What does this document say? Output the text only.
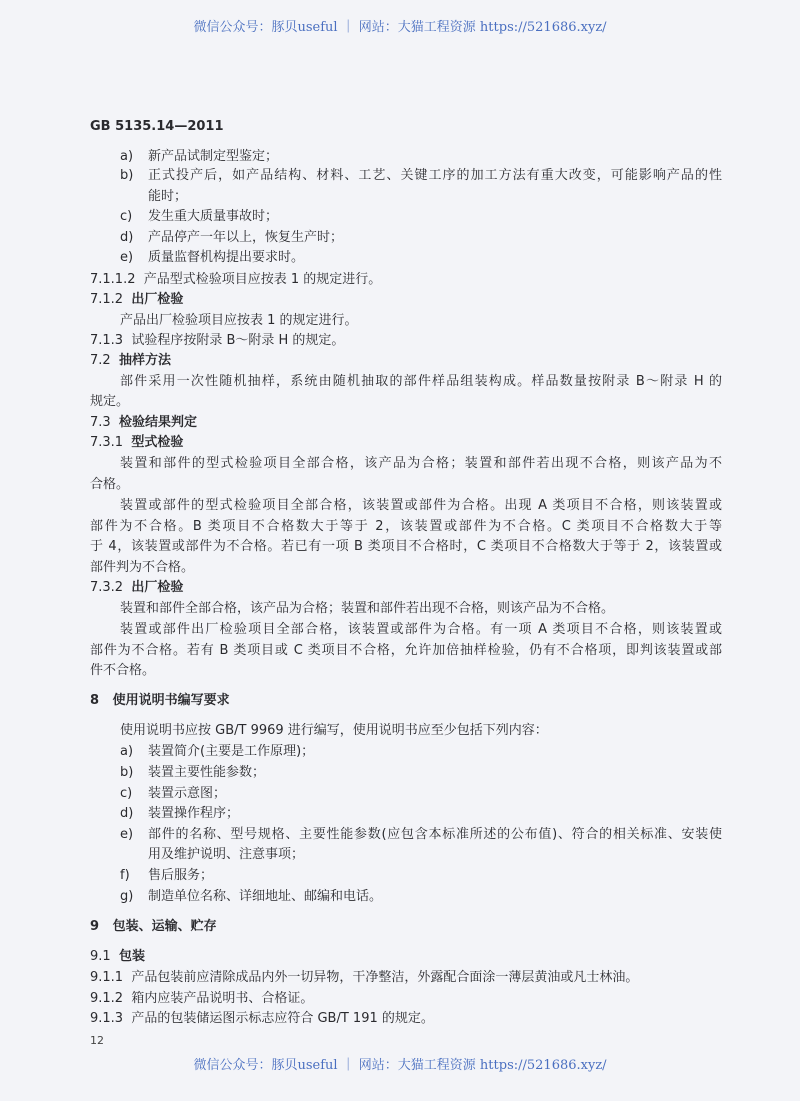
微信公众号：豚贝useful ｜ 网站：大猫工程资源 https://521686.xyz/
GB 5135.14—2011
a) 新产品试制定型鉴定；
b) 正式投产后，如产品结构、材料、工艺、关键工序的加工方法有重大改变，可能影响产品的性
能时；
c) 发生重大质量事故时；
d) 产品停产一年以上，恢复生产时；
e) 质量监督机构提出要求时。
7.1.1.2 产品型式检验项目应按表 1 的规定进行。
7.1.2 出厂检验
产品出厂检验项目应按表 1 的规定进行。
7.1.3 试验程序按附录 B～附录 H 的规定。
7.2 抽样方法
部件采用一次性随机抽样，系统由随机抽取的部件样品组装构成。样品数量按附录 B～附录 H 的
规定。
7.3 检验结果判定
7.3.1 型式检验
装置和部件的型式检验项目全部合格，该产品为合格；装置和部件若出现不合格，则该产品为不
合格。
装置或部件的型式检验项目全部合格，该装置或部件为合格。出现 A 类项目不合格，则该装置或
部件为不合格。B 类项目不合格数大于等于 2，该装置或部件为不合格。C 类项目不合格数大于等
于 4，该装置或部件为不合格。若已有一项 B 类项目不合格时，C 类项目不合格数大于等于 2，该装置或
部件判为不合格。
7.3.2 出厂检验
装置和部件全部合格，该产品为合格；装置和部件若出现不合格，则该产品为不合格。
装置或部件出厂检验项目全部合格，该装置或部件为合格。有一项 A 类项目不合格，则该装置或
部件为不合格。若有 B 类项目或 C 类项目不合格，允许加倍抽样检验，仍有不合格项，即判该装置或部
件不合格。
8 使用说明书编写要求
使用说明书应按 GB/T 9969 进行编写，使用说明书应至少包括下列内容：
a) 装置简介(主要是工作原理)；
b) 装置主要性能参数；
c) 装置示意图；
d) 装置操作程序；
e) 部件的名称、型号规格、主要性能参数(应包含本标准所述的公布值)、符合的相关标准、安装使
用及维护说明、注意事项；
f) 售后服务；
g) 制造单位名称、详细地址、邮编和电话。
9 包装、运输、贮存
9.1 包装
9.1.1 产品包装前应清除成品内外一切异物，干净整洁，外露配合面涂一薄层黄油或凡士林油。
9.1.2 箱内应装产品说明书、合格证。
9.1.3 产品的包装储运图示标志应符合 GB/T 191 的规定。
12
微信公众号：豚贝useful ｜ 网站：大猫工程资源 https://521686.xyz/
